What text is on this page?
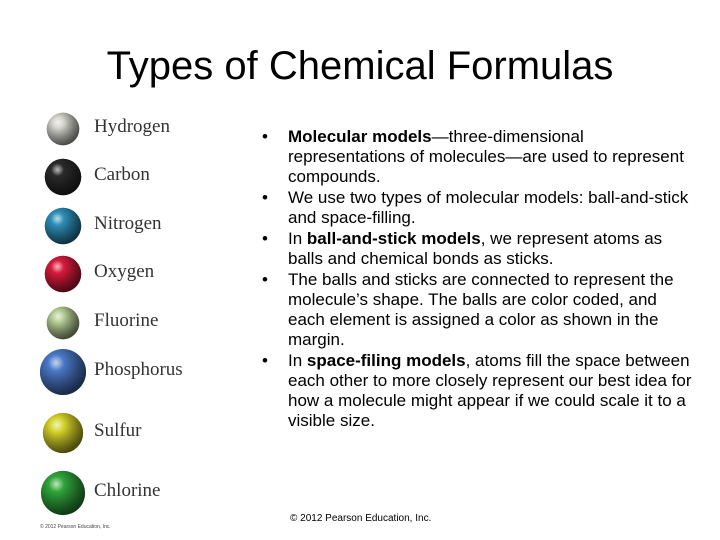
Types of Chemical Formulas
© 2012 Pearson Education, Inc.
Hydrogen
Carbon
Nitrogen
Oxygen
Fluorine
Phosphorus
Sulfur
Chlorine
• Molecular models—three-dimensional representations of molecules—are used to represent compounds.
• We use two types of molecular models: ball-and-stick and space-filling.
• In ball-and-stick models, we represent atoms as balls and chemical bonds as sticks.
• The balls and sticks are connected to represent the molecule’s shape. The balls are color coded, and each element is assigned a color as shown in the margin.
• In space-filing models, atoms fill the space between each other to more closely represent our best idea for how a molecule might appear if we could scale it to a visible size.
© 2012 Pearson Education, Inc.
